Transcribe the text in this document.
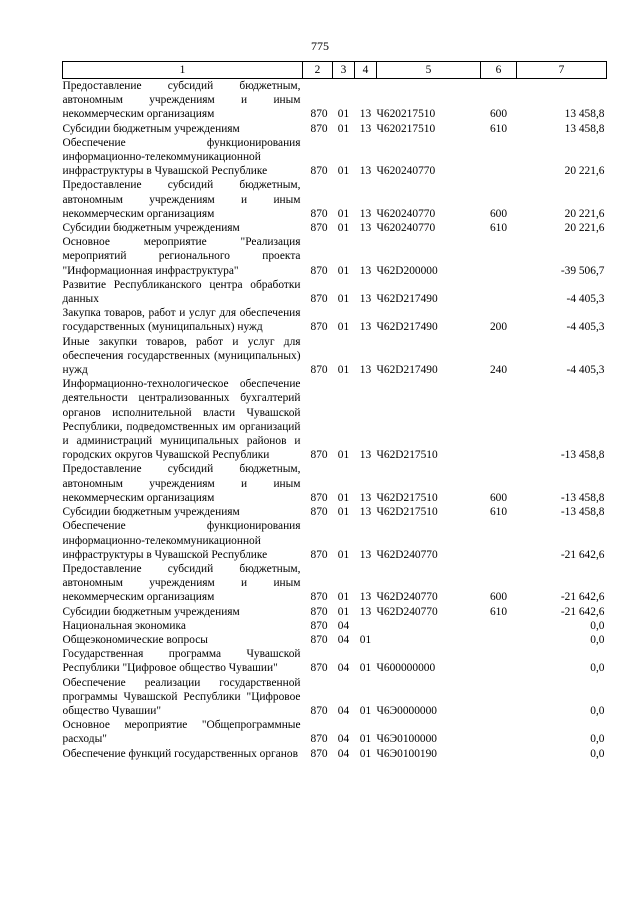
775
1	2	3	4	5	6	7
Предоставление субсидий бюджетным, автономным учреждениям и иным некоммерческим организациям	870	01	13	Ч620217510	600	13 458,8
Субсидии бюджетным учреждениям	870	01	13	Ч620217510	610	13 458,8
Обеспечение функционирования информационно-телекоммуникационной инфраструктуры в Чувашской Республике	870	01	13	Ч620240770		20 221,6
Предоставление субсидий бюджетным, автономным учреждениям и иным некоммерческим организациям	870	01	13	Ч620240770	600	20 221,6
Субсидии бюджетным учреждениям	870	01	13	Ч620240770	610	20 221,6
Основное мероприятие "Реализация мероприятий регионального проекта "Информационная инфраструктура"	870	01	13	Ч62D200000		-39 506,7
Развитие Республиканского центра обработки данных	870	01	13	Ч62D217490		-4 405,3
Закупка товаров, работ и услуг для обеспечения государственных (муниципальных) нужд	870	01	13	Ч62D217490	200	-4 405,3
Иные закупки товаров, работ и услуг для обеспечения государственных (муниципальных) нужд	870	01	13	Ч62D217490	240	-4 405,3
Информационно-технологическое обеспечение деятельности централизованных бухгалтерий органов исполнительной власти Чувашской Республики, подведомственных им организаций и администраций муниципальных районов и городских округов Чувашской Республики	870	01	13	Ч62D217510		-13 458,8
Предоставление субсидий бюджетным, автономным учреждениям и иным некоммерческим организациям	870	01	13	Ч62D217510	600	-13 458,8
Субсидии бюджетным учреждениям	870	01	13	Ч62D217510	610	-13 458,8
Обеспечение функционирования информационно-телекоммуникационной инфраструктуры в Чувашской Республике	870	01	13	Ч62D240770		-21 642,6
Предоставление субсидий бюджетным, автономным учреждениям и иным некоммерческим организациям	870	01	13	Ч62D240770	600	-21 642,6
Субсидии бюджетным учреждениям	870	01	13	Ч62D240770	610	-21 642,6
Национальная экономика	870	04				0,0
Общеэкономические вопросы	870	04	01			0,0
Государственная программа Чувашской Республики "Цифровое общество Чувашии"	870	04	01	Ч600000000		0,0
Обеспечение реализации государственной программы Чувашской Республики "Цифровое общество Чувашии"	870	04	01	Ч6Э0000000		0,0
Основное мероприятие "Общепрограммные расходы"	870	04	01	Ч6Э0100000		0,0
Обеспечение функций государственных органов	870	04	01	Ч6Э0100190		0,0
